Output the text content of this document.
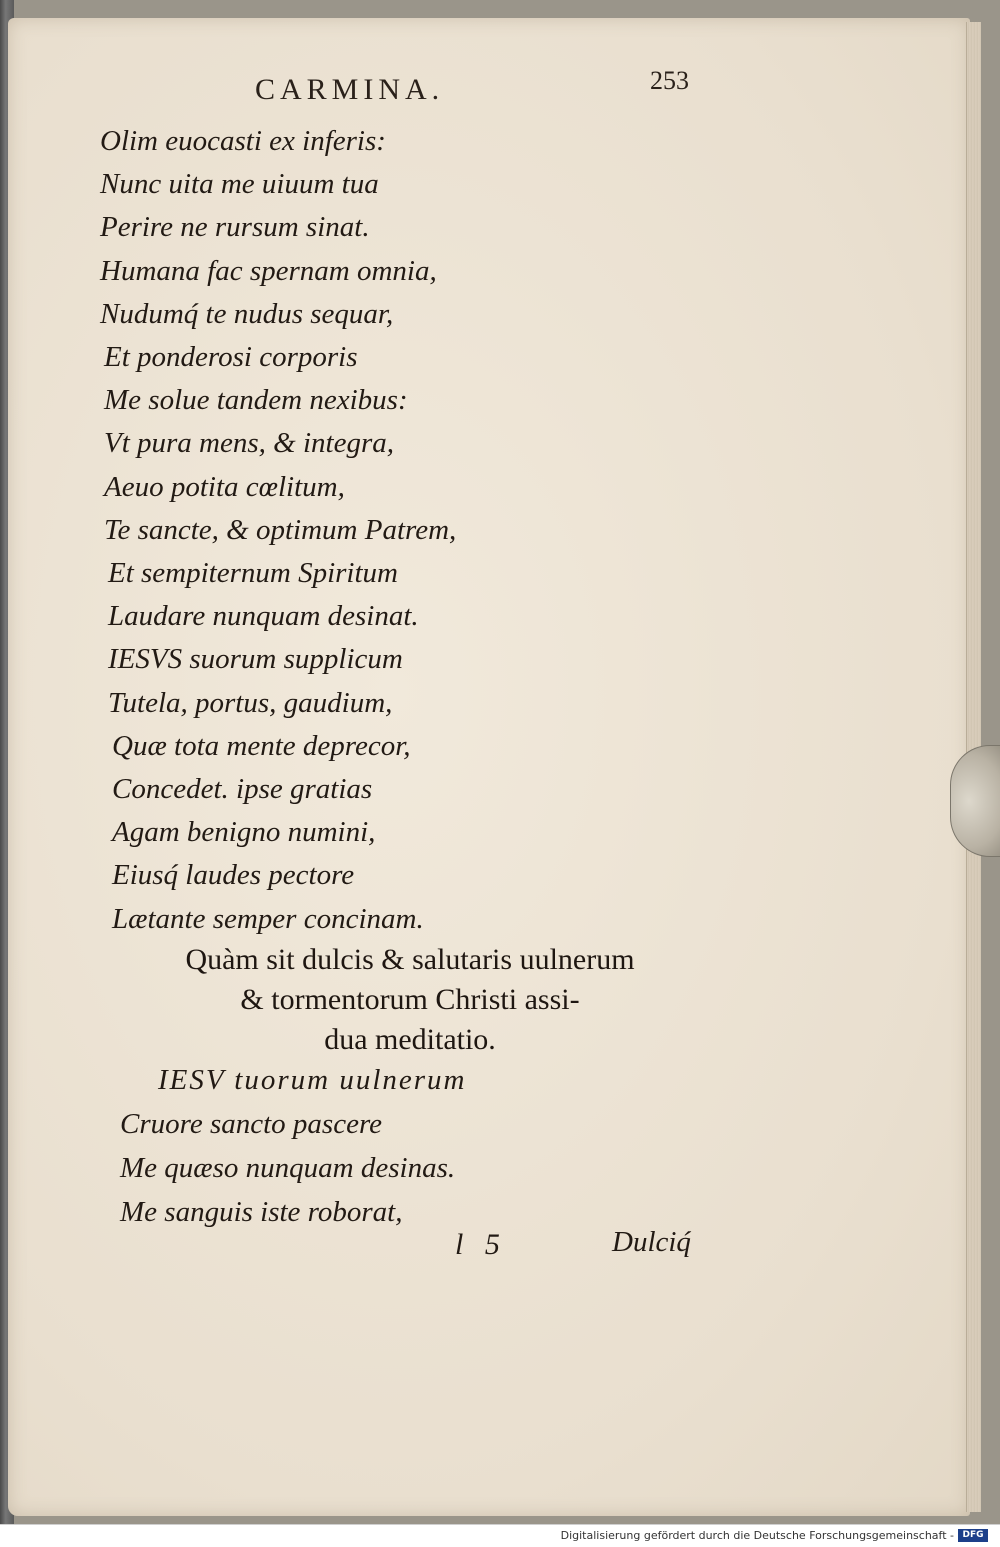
CARMINA.	253
Olim euocasti ex inferis:
Nunc uita me uiuum tua
Perire ne rursum sinat.
Humana fac spernam omnia,
Nudumq́ te nudus sequar,
Et ponderosi corporis
Me solue tandem nexibus:
Vt pura mens, & integra,
Aeuo potita cœlitum,
Te sancte, & optimum Patrem,
Et sempiternum Spiritum
Laudare nunquam desinat.
IESVS suorum supplicum
Tutela, portus, gaudium,
Quæ tota mente deprecor,
Concedet. ipse gratias
Agam benigno numini,
Eiusq́ laudes pectore
Lætante semper concinam.
Quàm sit dulcis & salutaris uulnerum
& tormentorum Christi assi-
dua meditatio.
IESV tuorum uulnerum
Cruore sancto pascere
Me quæso nunquam desinas.
Me sanguis iste roborat,
l 5	Dulciq́
Digitalisierung gefördert durch die Deutsche Forschungsgemeinschaft - DFG
